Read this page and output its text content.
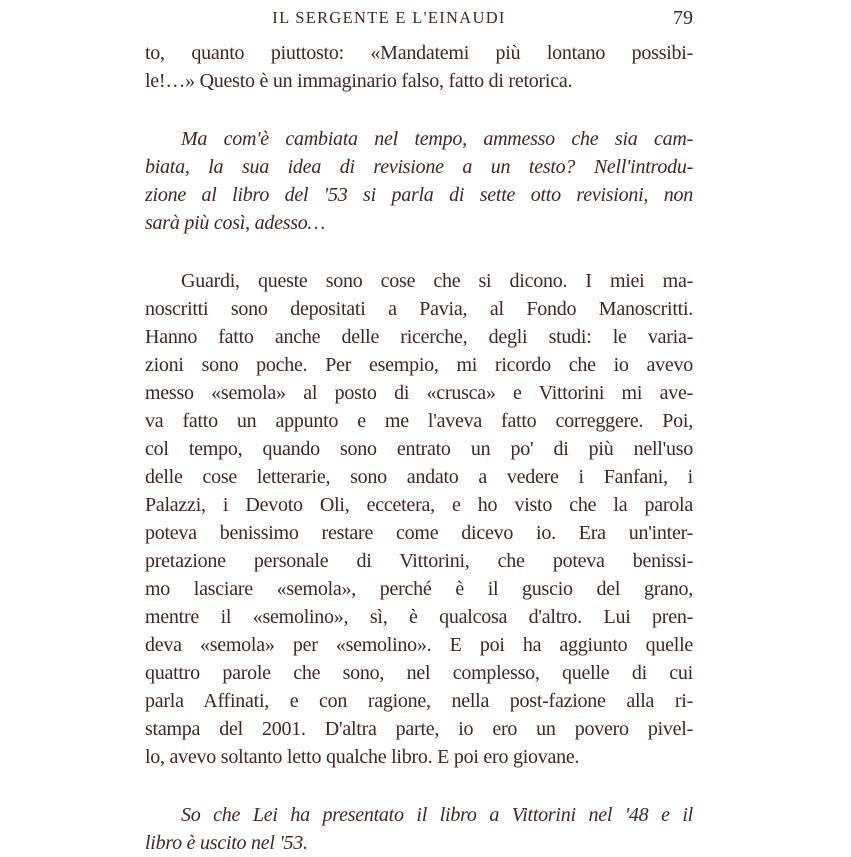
IL SERGENTE E L'EINAUDI	79
to, quanto piuttosto: «Mandatemi più lontano possibi-
le!…» Questo è un immaginario falso, fatto di retorica.
Ma com'è cambiata nel tempo, ammesso che sia cam-
biata, la sua idea di revisione a un testo? Nell'introdu-
zione al libro del '53 si parla di sette otto revisioni, non
sarà più così, adesso…
Guardi, queste sono cose che si dicono. I miei ma-
noscritti sono depositati a Pavia, al Fondo Manoscritti.
Hanno fatto anche delle ricerche, degli studi: le varia-
zioni sono poche. Per esempio, mi ricordo che io avevo
messo «semola» al posto di «crusca» e Vittorini mi ave-
va fatto un appunto e me l'aveva fatto correggere. Poi,
col tempo, quando sono entrato un po' di più nell'uso
delle cose letterarie, sono andato a vedere i Fanfani, i
Palazzi, i Devoto Oli, eccetera, e ho visto che la parola
poteva benissimo restare come dicevo io. Era un'inter-
pretazione personale di Vittorini, che poteva benissi-
mo lasciare «semola», perché è il guscio del grano,
mentre il «semolino», sì, è qualcosa d'altro. Lui pren-
deva «semola» per «semolino». E poi ha aggiunto quelle
quattro parole che sono, nel complesso, quelle di cui
parla Affinati, e con ragione, nella post-fazione alla ri-
stampa del 2001. D'altra parte, io ero un povero pivel-
lo, avevo soltanto letto qualche libro. E poi ero giovane.
So che Lei ha presentato il libro a Vittorini nel '48 e il
libro è uscito nel '53.
